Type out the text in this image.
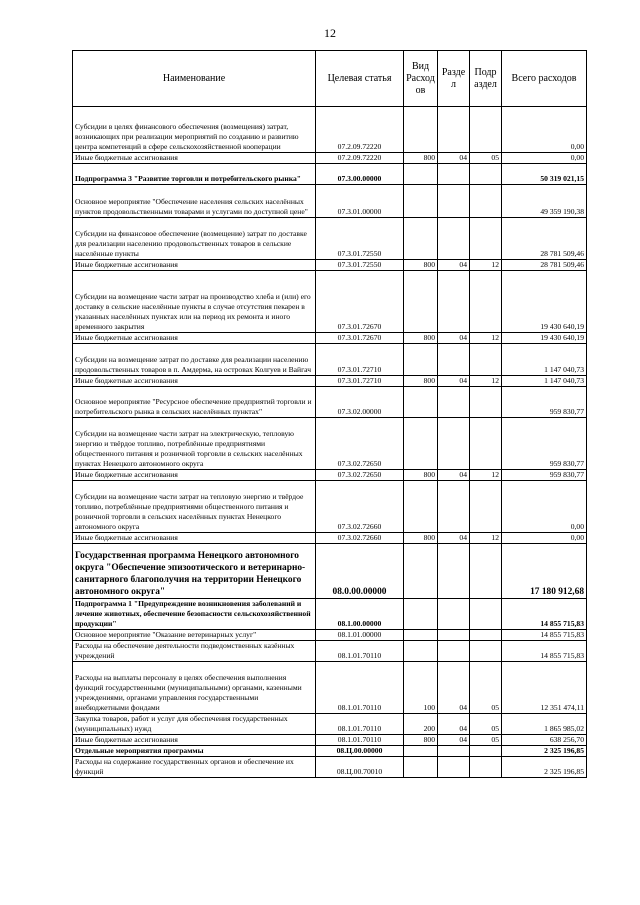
12
Наименование	Целевая статья	Вид Расход ов	Разде л	Подр аздел	Всего расходов
Субсидии в целях финансового обеспечения (возмещения) затрат, возникающих при реализации мероприятий по созданию и развитию центра компетенций в сфере сельскохозяйственной кооперации	07.2.09.72220				0,00
Иные бюджетные ассигнования	07.2.09.72220	800	04	05	0,00
Подпрограмма 3 "Развитие торговли и потребительского рынка"	07.3.00.00000				50 319 021,15
Основное мероприятие "Обеспечение населения сельских населённых пунктов продовольственными товарами и услугами по доступной цене"	07.3.01.00000				49 359 190,38
Субсидии на финансовое обеспечение (возмещение) затрат по доставке для реализации населению продовольственных товаров в сельские населённые пункты	07.3.01.72550				28 781 509,46
Иные бюджетные ассигнования	07.3.01.72550	800	04	12	28 781 509,46
Субсидии на возмещение части затрат на производство хлеба и (или) его доставку в сельские населённые пункты в случае отсутствия пекарен в указанных населённых пунктах или на период их ремонта и иного временного закрытия	07.3.01.72670				19 430 640,19
Иные бюджетные ассигнования	07.3.01.72670	800	04	12	19 430 640,19
Субсидии на возмещение затрат по доставке для реализации населению продовольственных товаров в п. Амдерма, на островах Колгуев и Вайгач	07.3.01.72710				1 147 040,73
Иные бюджетные ассигнования	07.3.01.72710	800	04	12	1 147 040,73
Основное мероприятие "Ресурсное обеспечение предприятий торговли и потребительского рынка в сельских населённых пунктах"	07.3.02.00000				959 830,77
Субсидии на возмещение части затрат на электрическую, тепловую энергию и твёрдое топливо, потреблённые предприятиями общественного питания и розничной торговли в сельских населённых пунктах Ненецкого автономного округа	07.3.02.72650				959 830,77
Иные бюджетные ассигнования	07.3.02.72650	800	04	12	959 830,77
Субсидии на возмещение части затрат на тепловую энергию и твёрдое топливо, потреблённые предприятиями общественного питания и розничной торговли в сельских населённых пунктах Ненецкого автономного округа	07.3.02.72660				0,00
Иные бюджетные ассигнования	07.3.02.72660	800	04	12	0,00
Государственная программа Ненецкого автономного округа "Обеспечение эпизоотического и ветеринарно-санитарного благополучия на территории Ненецкого автономного округа"	08.0.00.00000				17 180 912,68
Подпрограмма 1 "Предупреждение возникновения заболеваний и лечение животных, обеспечение безопасности сельскохозяйственной продукции"	08.1.00.00000				14 855 715,83
Основное мероприятие "Оказание ветеринарных услуг"	08.1.01.00000				14 855 715,83
Расходы на обеспечение деятельности подведомственных казённых учреждений	08.1.01.70110				14 855 715,83
Расходы на выплаты персоналу в целях обеспечения выполнения функций государственными (муниципальными) органами, казенными учреждениями, органами управления государственными внебюджетными фондами	08.1.01.70110	100	04	05	12 351 474,11
Закупка товаров, работ и услуг для обеспечения государственных (муниципальных) нужд	08.1.01.70110	200	04	05	1 865 985,02
Иные бюджетные ассигнования	08.1.01.70110	800	04	05	638 256,70
Отдельные мероприятия программы	08.Ц.00.00000				2 325 196,85
Расходы на содержание государственных органов и обеспечение их функций	08.Ц.00.70010				2 325 196,85
